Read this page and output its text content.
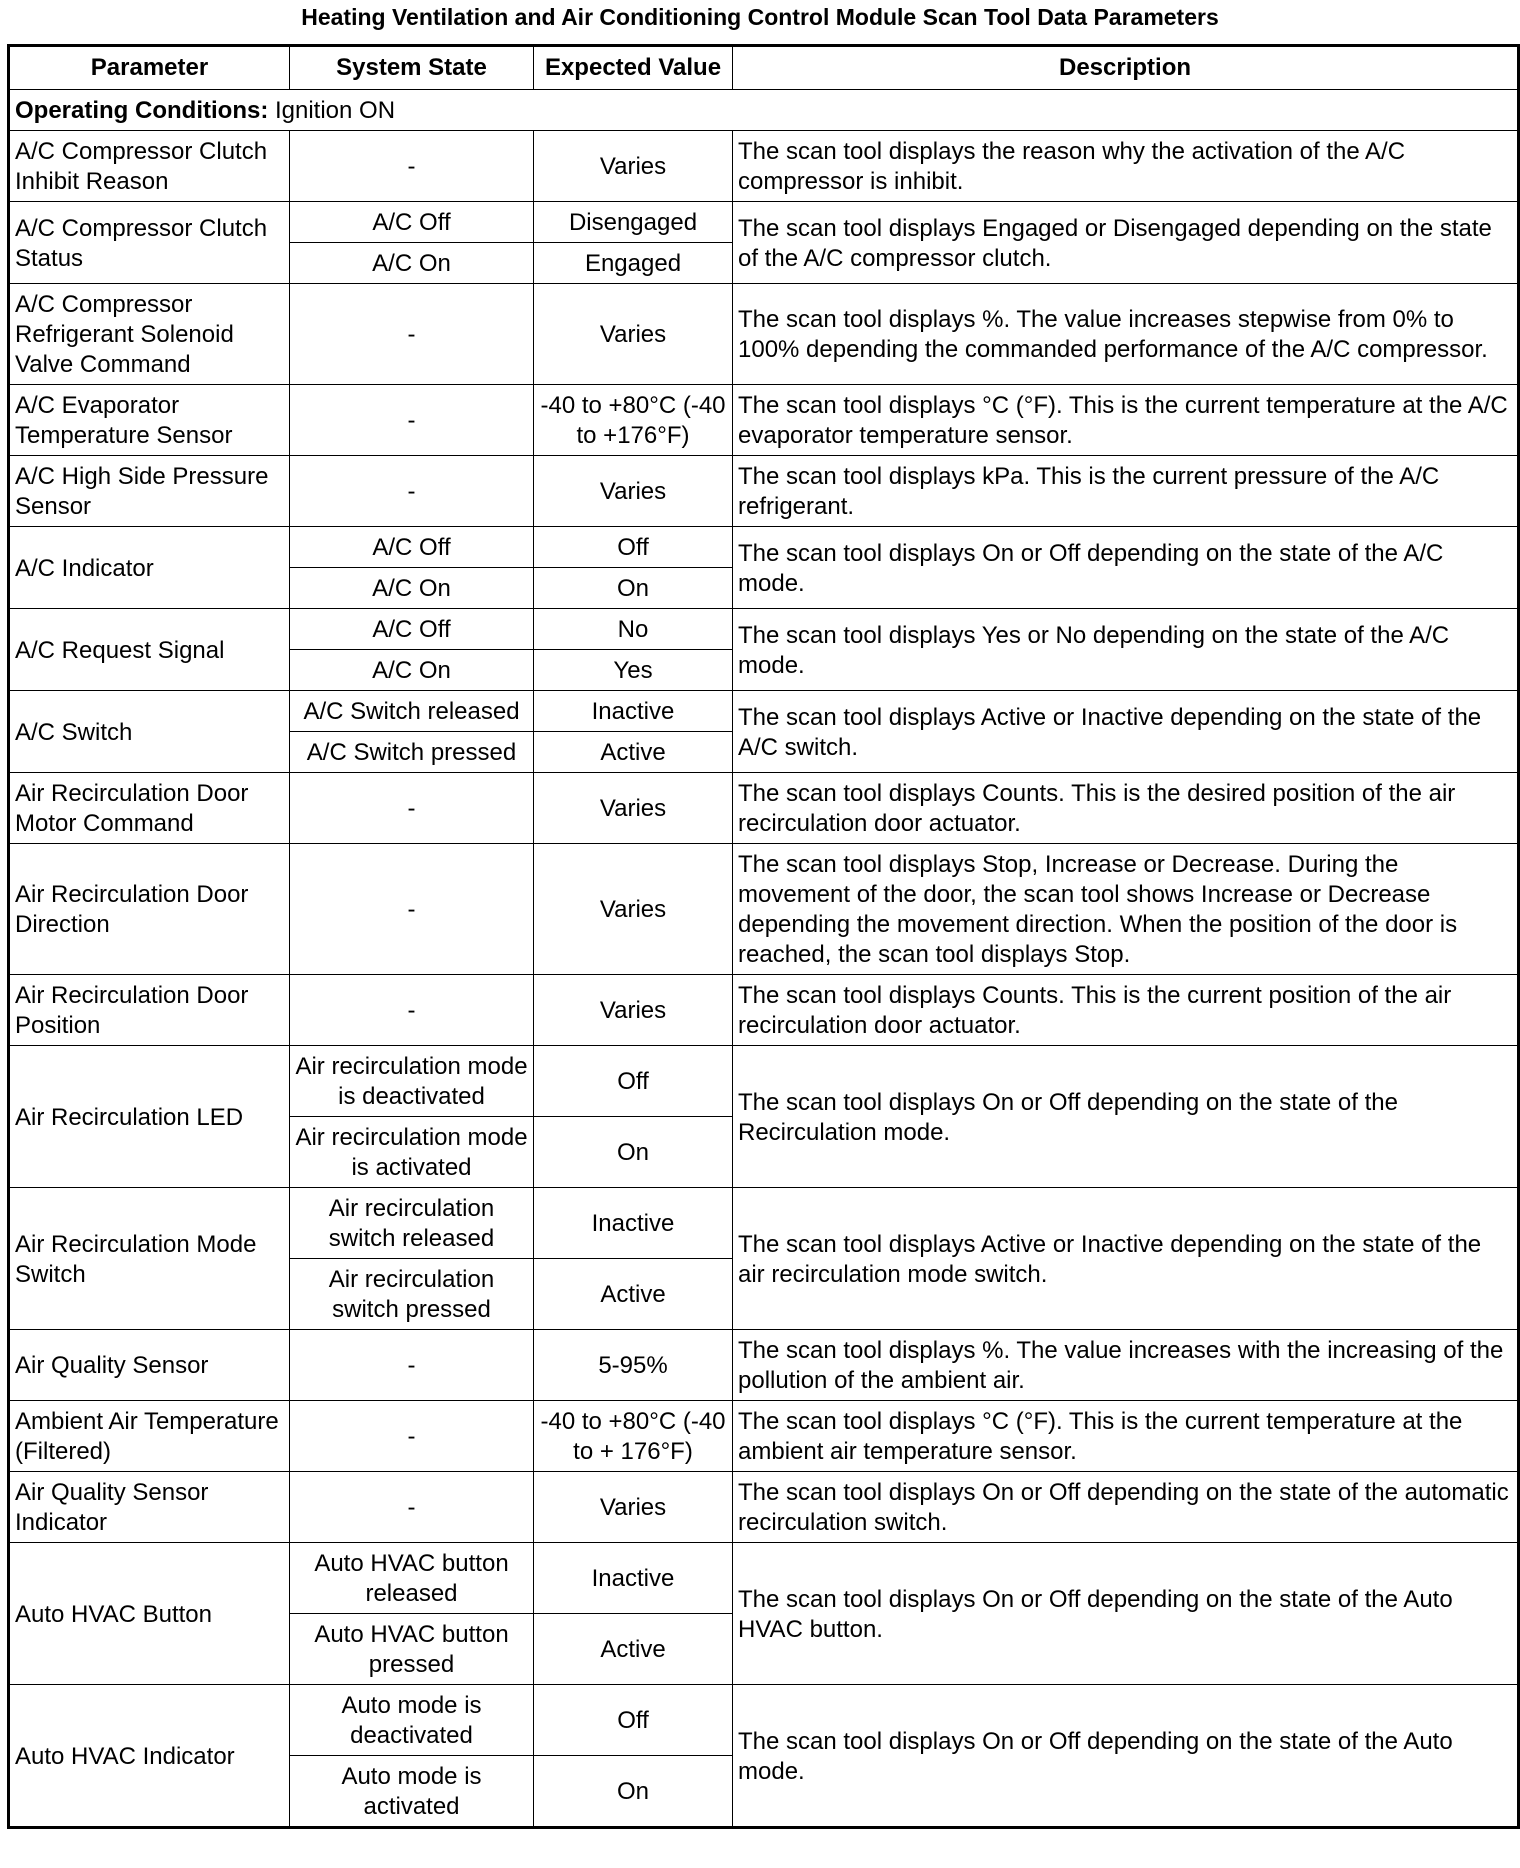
Heating Ventilation and Air Conditioning Control Module Scan Tool Data Parameters
Parameter	System State	Expected Value	Description
Operating Conditions: Ignition ON			
A/C Compressor Clutch Inhibit Reason	-	Varies	The scan tool displays the reason why the activation of the A/C compressor is inhibit.
A/C Compressor Clutch Status	A/C Off	Disengaged	The scan tool displays Engaged or Disengaged depending on the state of the A/C compressor clutch.
	A/C On	Engaged	
A/C Compressor Refrigerant Solenoid Valve Command	-	Varies	The scan tool displays %. The value increases stepwise from 0% to 100% depending the commanded performance of the A/C compressor.
A/C Evaporator Temperature Sensor	-	-40 to +80°C (-40 to +176°F)	The scan tool displays °C (°F). This is the current temperature at the A/C evaporator temperature sensor.
A/C High Side Pressure Sensor	-	Varies	The scan tool displays kPa. This is the current pressure of the A/C refrigerant.
A/C Indicator	A/C Off	Off	The scan tool displays On or Off depending on the state of the A/C mode.
	A/C On	On	
A/C Request Signal	A/C Off	No	The scan tool displays Yes or No depending on the state of the A/C mode.
	A/C On	Yes	
A/C Switch	A/C Switch released	Inactive	The scan tool displays Active or Inactive depending on the state of the A/C switch.
	A/C Switch pressed	Active	
Air Recirculation Door Motor Command	-	Varies	The scan tool displays Counts. This is the desired position of the air recirculation door actuator.
Air Recirculation Door Direction	-	Varies	The scan tool displays Stop, Increase or Decrease. During the movement of the door, the scan tool shows Increase or Decrease depending the movement direction. When the position of the door is reached, the scan tool displays Stop.
Air Recirculation Door Position	-	Varies	The scan tool displays Counts. This is the current position of the air recirculation door actuator.
Air Recirculation LED	Air recirculation mode is deactivated	Off	The scan tool displays On or Off depending on the state of the Recirculation mode.
	Air recirculation mode is activated	On	
Air Recirculation Mode Switch	Air recirculation switch released	Inactive	The scan tool displays Active or Inactive depending on the state of the air recirculation mode switch.
	Air recirculation switch pressed	Active	
Air Quality Sensor	-	5-95%	The scan tool displays %. The value increases with the increasing of the pollution of the ambient air.
Ambient Air Temperature (Filtered)	-	-40 to +80°C (-40 to + 176°F)	The scan tool displays °C (°F). This is the current temperature at the ambient air temperature sensor.
Air Quality Sensor Indicator	-	Varies	The scan tool displays On or Off depending on the state of the automatic recirculation switch.
Auto HVAC Button	Auto HVAC button released	Inactive	The scan tool displays On or Off depending on the state of the Auto HVAC button.
	Auto HVAC button pressed	Active	
Auto HVAC Indicator	Auto mode is deactivated	Off	The scan tool displays On or Off depending on the state of the Auto mode.
	Auto mode is activated	On	
